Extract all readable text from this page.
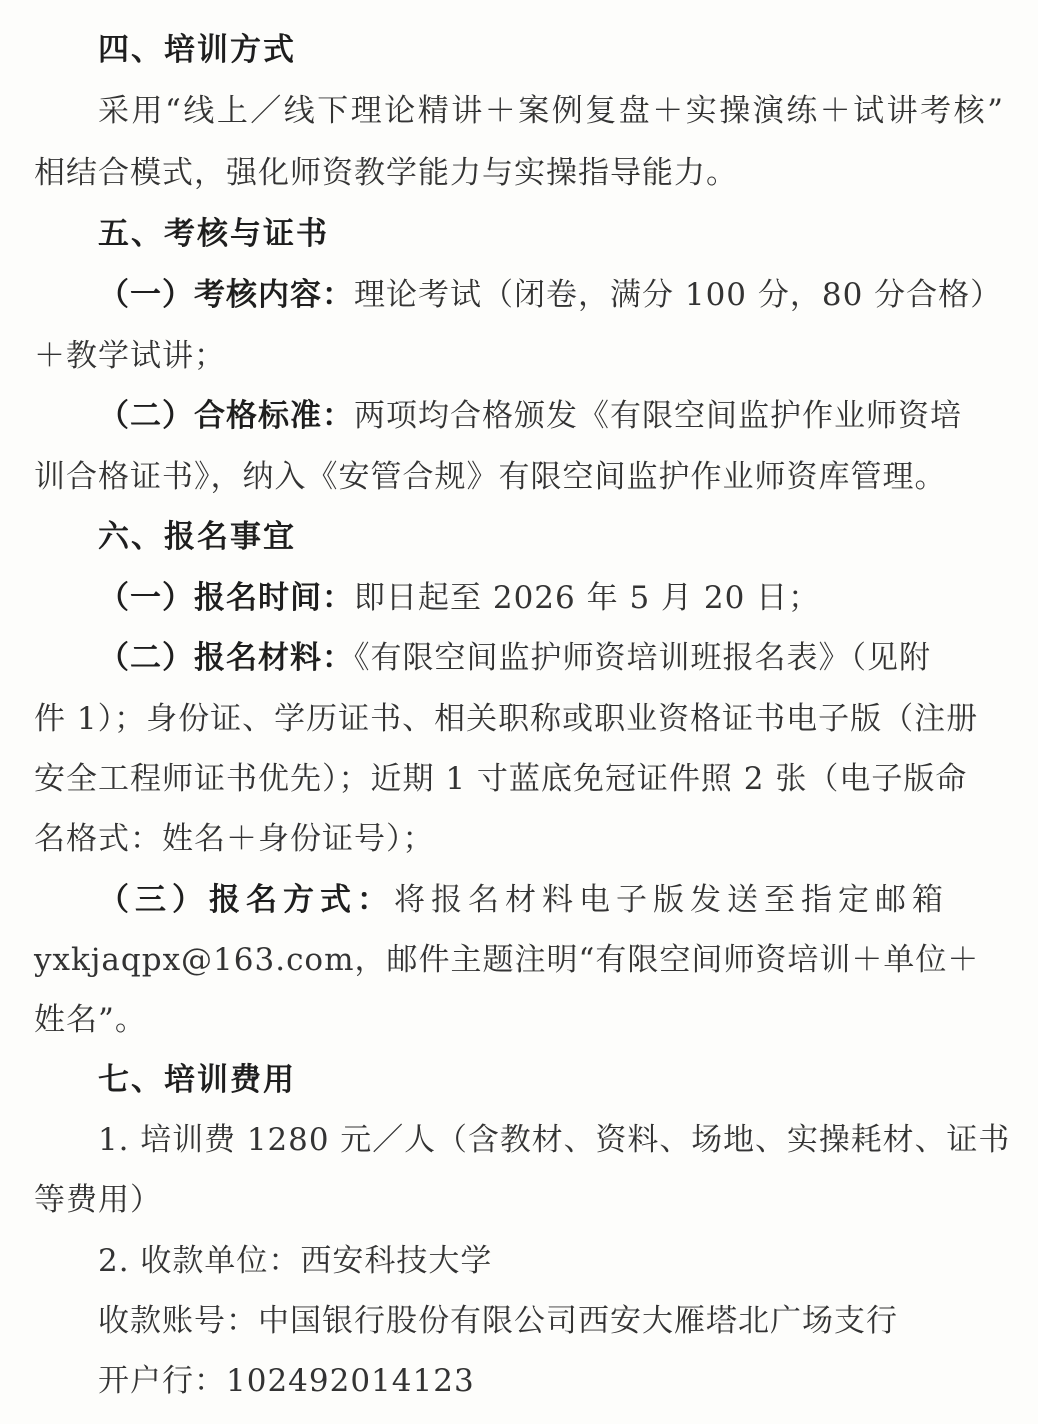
四、培训方式
采用“线上／线下理论精讲＋案例复盘＋实操演练＋试讲考核”
相结合模式，强化师资教学能力与实操指导能力。
五、考核与证书
（一）考核内容：理论考试（闭卷，满分 100 分，80 分合格）
＋教学试讲；
（二）合格标准：两项均合格颁发《有限空间监护作业师资培
训合格证书》，纳入《安管合规》有限空间监护作业师资库管理。
六、报名事宜
（一）报名时间：即日起至 2026 年 5 月 20 日；
（二）报名材料：《有限空间监护师资培训班报名表》（见附
件 1）；身份证、学历证书、相关职称或职业资格证书电子版（注册
安全工程师证书优先）；近期 1 寸蓝底免冠证件照 2 张（电子版命
名格式：姓名＋身份证号）；
（三）报名方式：将报名材料电子版发送至指定邮箱
yxkjaqpx@163.com，邮件主题注明“有限空间师资培训＋单位＋
姓名”。
七、培训费用
1. 培训费 1280 元／人（含教材、资料、场地、实操耗材、证书
等费用）
2. 收款单位：西安科技大学
收款账号：中国银行股份有限公司西安大雁塔北广场支行
开户行：102492014123
